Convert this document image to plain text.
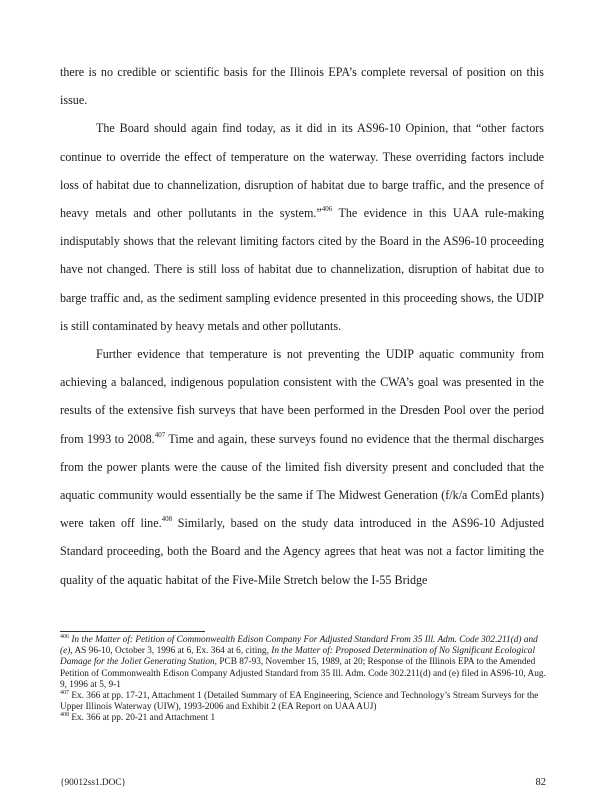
there is no credible or scientific basis for the Illinois EPA’s complete reversal of position on this issue.

The Board should again find today, as it did in its AS96-10 Opinion, that “other factors continue to override the effect of temperature on the waterway. These overriding factors include loss of habitat due to channelization, disruption of habitat due to barge traffic, and the presence of heavy metals and other pollutants in the system.”$^{406}$ The evidence in this UAA rule-making indisputably shows that the relevant limiting factors cited by the Board in the AS96-10 proceeding have not changed. There is still loss of habitat due to channelization, disruption of habitat due to barge traffic and, as the sediment sampling evidence presented in this proceeding shows, the UDIP is still contaminated by heavy metals and other pollutants.

Further evidence that temperature is not preventing the UDIP aquatic community from achieving a balanced, indigenous population consistent with the CWA’s goal was presented in the results of the extensive fish surveys that have been performed in the Dresden Pool over the period from 1993 to 2008.$^{407}$ Time and again, these surveys found no evidence that the thermal discharges from the power plants were the cause of the limited fish diversity present and concluded that the aquatic community would essentially be the same if The Midwest Generation (f/k/a ComEd plants) were taken off line.$^{408}$ Similarly, based on the study data introduced in the AS96-10 Adjusted Standard proceeding, both the Board and the Agency agrees that heat was not a factor limiting the quality of the aquatic habitat of the Five-Mile Stretch below the I-55 Bridge

$^{406}$ In the Matter of: Petition of Commonwealth Edison Company For Adjusted Standard From 35 Ill. Adm. Code 302.211(d) and (e), AS 96-10, October 3, 1996 at 6, Ex. 364 at 6, citing, In the Matter of: Proposed Determination of No Significant Ecological Damage for the Joliet Generating Station, PCB 87-93, November 15, 1989, at 20; Response of the Illinois EPA to the Amended Petition of Commonwealth Edison Company Adjusted Standard from 35 Ill. Adm. Code 302.211(d) and (e) filed in AS96-10, Aug. 9, 1996 at 5, 9-1

$^{407}$ Ex. 366 at pp. 17-21, Attachment 1 (Detailed Summary of EA Engineering, Science and Technology’s Stream Surveys for the Upper Illinois Waterway (UIW), 1993-2006 and Exhibit 2 (EA Report on UAA AUJ)

$^{408}$ Ex. 366 at pp. 20-21 and Attachment 1

{90012ss1.DOC}	82
